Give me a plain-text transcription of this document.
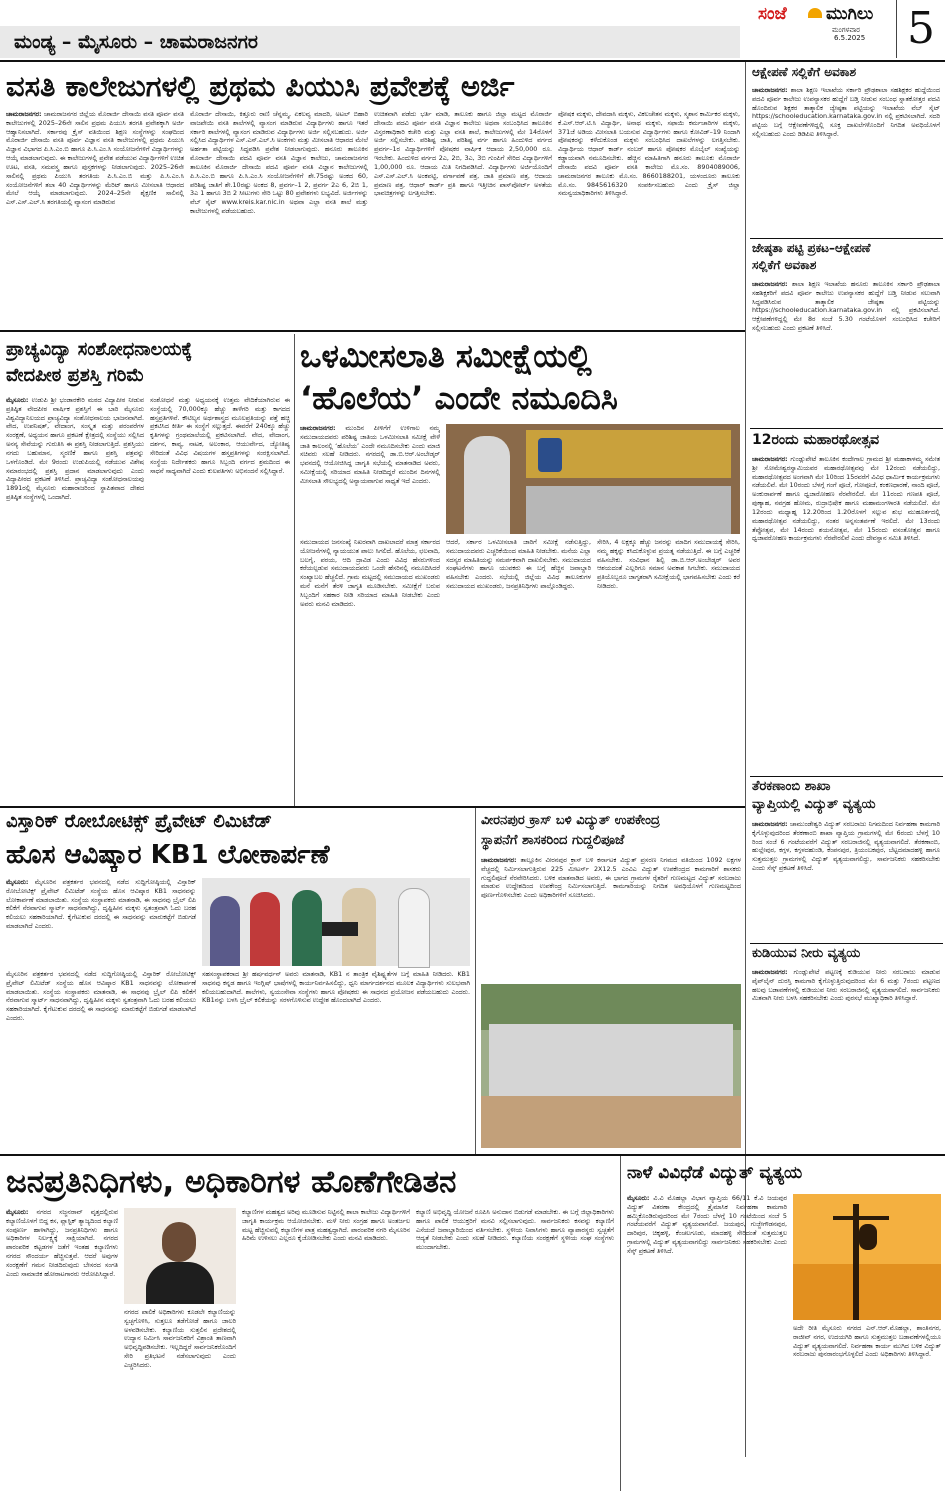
ಮಂಡ್ಯ – ಮೈಸೂರು – ಚಾಮರಾಜನಗರ
ಸಂಜೆ ಮುಗಿಲು
ಮಂಗಳವಾರ
6.5.2025 5
ವಸತಿ ಕಾಲೇಜುಗಳಲ್ಲಿ ಪ್ರಥಮ ಪಿಯುಸಿ ಪ್ರವೇಶಕ್ಕೆ ಅರ್ಜಿ
ಚಾಮರಾಜನಗರ: ಚಾಮರಾಜನಗರ ಜಿಲ್ಲೆಯ ಮೊರಾರ್ಜಿ ದೇಸಾಯಿ ವಸತಿ ಪೂರ್ವ ವಸತಿ ಕಾಲೇಜುಗಳಲ್ಲಿ 2025–26ನೇ ಸಾಲಿನ ಪ್ರಥಮ ಪಿಯುಸಿ ತರಗತಿ ಪ್ರವೇಶಕ್ಕಾಗಿ ಅರ್ಜಿ ಆಹ್ವಾನಿಸಲಾಗಿದೆ. ಸರ್ಕಾರವು ಕ್ರೈಸ್ ವತಿಯಿಂದ ಶಿಕ್ಷಣ ಸಂಸ್ಥೆಗಳನ್ನು ಸಂಘದಿಂದ ಮೊರಾರ್ಜಿ ದೇಸಾಯಿ ವಸತಿ ಪೂರ್ವ ವಿಜ್ಞಾನ ವಸತಿ ಕಾಲೇಜುಗಳಲ್ಲಿ ಪ್ರಥಮ ಪಿಯುಸಿ ವಿಜ್ಞಾನ ವಿಭಾಗದ ಪಿ.ಸಿ.ಎಂ.ಬಿ ಹಾಗೂ ಪಿ.ಸಿ.ಎಂ.ಸಿ ಸಂಯೋಜನೆಗಳಿಗೆ ವಿದ್ಯಾರ್ಥಿಗಳನ್ನು ಆಯ್ಕೆ ಮಾಡಲಾಗುವುದು. ಈ ಕಾಲೇಜುಗಳಲ್ಲಿ ಪ್ರವೇಶ ಪಡೆಯುವ ವಿದ್ಯಾರ್ಥಿಗಳಿಗೆ ಉಚಿತ ಊಟ, ವಸತಿ, ಸಮವಸ್ತ್ರ ಹಾಗೂ ಪುಸ್ತಕಗಳನ್ನು ನೀಡಲಾಗುವುದು. 2025–26ನೇ ಸಾಲಿನಲ್ಲಿ ಪ್ರಥಮ ಪಿಯುಸಿ ತರಗತಿಯ ಪಿ.ಸಿ.ಎಂ.ಬಿ ಮತ್ತು ಪಿ.ಸಿ.ಎಂ.ಸಿ ಸಂಯೋಜನೆಗಳಿಗೆ ತಲಾ 40 ವಿದ್ಯಾರ್ಥಿಗಳನ್ನು ಮೆರಿಟ್ ಹಾಗೂ ಮೀಸಲಾತಿ ಆಧಾರದ ಮೇಲೆ ಆಯ್ಕೆ ಮಾಡಲಾಗುವುದು. 2024–25ನೇ ಶೈಕ್ಷಣಿಕ ಸಾಲಿನಲ್ಲಿ ಎಸ್.ಎಸ್.ಎಲ್.ಸಿ ತರಗತಿಯಲ್ಲಿ ವ್ಯಾಸಂಗ ಮಾಡಿರುವ
ಮೊರಾರ್ಜಿ ದೇಸಾಯಿ, ಕಿತ್ತೂರು ರಾಣಿ ಚೆನ್ನಮ್ಮ, ಏಕಲವ್ಯ ಮಾದರಿ, ಅಟಲ್ ಬಿಹಾರಿ ವಾಜಪೇಯಿ ವಸತಿ ಶಾಲೆಗಳಲ್ಲಿ ವ್ಯಾಸಂಗ ಮಾಡಿರುವ ವಿದ್ಯಾರ್ಥಿಗಳು ಹಾಗೂ ಇತರೆ ಸರ್ಕಾರಿ ಶಾಲೆಗಳಲ್ಲಿ ವ್ಯಾಸಂಗ ಮಾಡಿರುವ ವಿದ್ಯಾರ್ಥಿಗಳು ಅರ್ಜಿ ಸಲ್ಲಿಸಬಹುದು. ಅರ್ಜಿ ಸಲ್ಲಿಸಿದ ವಿದ್ಯಾರ್ಥಿಗಳ ಎಸ್.ಎಸ್.ಎಲ್.ಸಿ ಅಂಕಗಳು ಮತ್ತು ಮೀಸಲಾತಿ ಆಧಾರದ ಮೇಲೆ ಅರ್ಹತಾ ಪಟ್ಟಿಯನ್ನು ಸಿದ್ಧಪಡಿಸಿ ಪ್ರವೇಶ ನೀಡಲಾಗುವುದು. ಹನೂರು ತಾಲೂಕಿನ ಮೊರಾರ್ಜಿ ದೇಸಾಯಿ ಪದವಿ ಪೂರ್ವ ವಸತಿ ವಿಜ್ಞಾನ ಕಾಲೇಜು, ಚಾಮರಾಜನಗರ ತಾಲೂಕಿನ ಮೊರಾರ್ಜಿ ದೇಸಾಯಿ ಪದವಿ ಪೂರ್ವ ವಸತಿ ವಿಜ್ಞಾನ ಕಾಲೇಜುಗಳಲ್ಲಿ ಪಿ.ಸಿ.ಎಂ.ಬಿ ಹಾಗೂ ಪಿ.ಸಿ.ಎಂ.ಸಿ ಸಂಯೋಜನೆಗಳಿಗೆ ಶೇ.75ರಷ್ಟು ಅಂಕದ 60, ಪರಿಶಿಷ್ಟ ಜಾತಿಗೆ ಶೇ.10ರಷ್ಟು ಅಂಕದ 8, ಪ್ರವರ್ಗ–1 2, ಪ್ರವರ್ಗ 2ಎ 6, 2ಬಿ 1, 3ಎ 1 ಹಾಗೂ 3ಬಿ 2 ಸೀಟುಗಳು ಸೇರಿ ಒಟ್ಟು 80 ಪ್ರವೇಶಗಳು ಲಭ್ಯವಿದೆ. ಅರ್ಜಿಗಳನ್ನು ವೆಬ್ ಸೈಟ್ www.kreis.kar.nic.in ಅಥವಾ ಎಲ್ಲಾ ವಸತಿ ಶಾಲೆ ಮತ್ತು ಕಾಲೇಜುಗಳಲ್ಲಿ ಪಡೆಯಬಹುದು.
ಉಚಿತವಾಗಿ ಪಡೆದು ಭರ್ತಿ ಮಾಡಿ, ತಾಲೂಕು ಹಾಗೂ ಜಿಲ್ಲಾ ಮಟ್ಟದ ಮೊರಾರ್ಜಿ ದೇಸಾಯಿ ಪದವಿ ಪೂರ್ವ ವಸತಿ ವಿಜ್ಞಾನ ಕಾಲೇಜು ಅಥವಾ ಸಂಬಂಧಿಸಿದ ತಾಲೂಕಿನ ವಿಸ್ತರಣಾಧಿಕಾರಿ ಕಚೇರಿ ಮತ್ತು ಎಲ್ಲಾ ವಸತಿ ಶಾಲೆ, ಕಾಲೇಜುಗಳಲ್ಲಿ ಮೇ 14ರೊಳಗೆ ಅರ್ಜಿ ಸಲ್ಲಿಸಬೇಕು. ಪರಿಶಿಷ್ಟ ಜಾತಿ, ಪರಿಶಿಷ್ಟ ವರ್ಗ ಹಾಗೂ ಹಿಂದುಳಿದ ವರ್ಗದ ಪ್ರವರ್ಗ–1ರ ವಿದ್ಯಾರ್ಥಿಗಳಿಗೆ ಪೋಷಕರ ವಾರ್ಷಿಕ ಆದಾಯ 2,50,000 ರೂ. ಇರಬೇಕು. ಹಿಂದುಳಿದ ವರ್ಗದ 2ಎ, 2ಬಿ, 3ಎ, 3ಬಿ ಗುಂಪಿಗೆ ಸೇರಿದ ವಿದ್ಯಾರ್ಥಿಗಳಿಗೆ 1,00,000 ರೂ. ಆದಾಯ ಮಿತಿ ನಿಗದಿಪಡಿಸಿದೆ. ವಿದ್ಯಾರ್ಥಿಗಳು ಅರ್ಜಿಯೊಂದಿಗೆ ಎಸ್.ಎಸ್.ಎಲ್.ಸಿ ಅಂಕಪಟ್ಟಿ, ವರ್ಗಾವಣೆ ಪತ್ರ, ಜಾತಿ ಪ್ರಮಾಣ ಪತ್ರ, ಆದಾಯ ಪ್ರಮಾಣ ಪತ್ರ, ಆಧಾರ್ ಕಾರ್ಡ್ ಪ್ರತಿ ಹಾಗೂ ಇತ್ತೀಚಿನ ಪಾಸ್‌ಪೋರ್ಟ್ ಅಳತೆಯ ಭಾವಚಿತ್ರಗಳನ್ನು ಲಗತ್ತಿಸಬೇಕು.
ಪೋಷಕ ಮಕ್ಕಳು, ದೇವದಾಸಿ ಮಕ್ಕಳು, ವಿಕಲಚೇತನ ಮಕ್ಕಳು, ಸ್ಮಶಾನ ಕಾರ್ಮಿಕರ ಮಕ್ಕಳು, ಕೆ.ಎಸ್.ಆರ್.ಟಿ.ಸಿ ವಿದ್ಯಾರ್ಥಿ, ಅನಾಥ ಮಕ್ಕಳು, ಸಫಾಯಿ ಕರ್ಮಚಾರಿಗಳ ಮಕ್ಕಳು, 371ಜೆ ಅಡಿಯ ಮೀಸಲಾತಿ ಬಯಸುವ ವಿದ್ಯಾರ್ಥಿಗಳು ಹಾಗೂ ಕೋವಿಡ್–19 ನಿಂದಾಗಿ ಪೋಷಕರನ್ನು ಕಳೆದುಕೊಂಡ ಮಕ್ಕಳು ಸಂಬಂಧಿಸಿದ ದಾಖಲೆಗಳನ್ನು ಲಗತ್ತಿಸಬೇಕು. ವಿದ್ಯಾರ್ಥಿಯ ಆಧಾರ್ ಕಾರ್ಡ್ ನಂಬರ್ ಹಾಗೂ ಪೋಷಕರ ಮೊಬೈಲ್ ಸಂಖ್ಯೆಯನ್ನು ಕಡ್ಡಾಯವಾಗಿ ನಮೂದಿಸಬೇಕು. ಹೆಚ್ಚಿನ ಮಾಹಿತಿಗಾಗಿ ಹನೂರು ತಾಲೂಕು ಮೊರಾರ್ಜಿ ದೇಸಾಯಿ ಪದವಿ ಪೂರ್ವ ವಸತಿ ಕಾಲೇಜು ಮೊ.ಸಂ. 8904089006, ಚಾಮರಾಜನಗರ ತಾಲೂಕು ಮೊ.ಸಂ. 8660188201, ಯಳಂದೂರು ತಾಲೂಕು ಮೊ.ಸಂ. 9845616320 ಸಂಪರ್ಕಿಸಬಹುದು ಎಂದು ಕ್ರೈಸ್ ಜಿಲ್ಲಾ ಸಮನ್ವಯಾಧಿಕಾರಿಗಳು ತಿಳಿಸಿದ್ದಾರೆ.
ಆಕ್ಷೇಪಣೆ ಸಲ್ಲಿಕೆಗೆ ಅವಕಾಶ
ಚಾಮರಾಜನಗರ: ಶಾಲಾ ಶಿಕ್ಷಣ ಇಲಾಖೆಯ ಸರ್ಕಾರಿ ಪ್ರೌಢಶಾಲಾ ಸಹಶಿಕ್ಷಕರ ಹುದ್ದೆಯಿಂದ ಪದವಿ ಪೂರ್ವ ಕಾಲೇಜು ಉಪನ್ಯಾಸಕರ ಹುದ್ದೆಗೆ ಬಡ್ತಿ ನೀಡುವ ಸಂಬಂಧ ಸ್ನಾತಕೋತ್ತರ ಪದವಿ ಹೊಂದಿರುವ ಶಿಕ್ಷಕರ ತಾತ್ಕಾಲಿಕ ಜ್ಯೇಷ್ಠತಾ ಪಟ್ಟಿಯನ್ನು ಇಲಾಖೆಯ ವೆಬ್ ಸೈಟ್ https://schooleducation.karnataka.gov.in ನಲ್ಲಿ ಪ್ರಕಟಿಸಲಾಗಿದೆ. ಸದರಿ ಪಟ್ಟಿಯ ಬಗ್ಗೆ ಆಕ್ಷೇಪಣೆಗಳಿದ್ದಲ್ಲಿ ಸೂಕ್ತ ದಾಖಲೆಗಳೊಂದಿಗೆ ನಿಗದಿತ ಅವಧಿಯೊಳಗೆ ಸಲ್ಲಿಸಬಹುದು ಎಂದು ಡಿಡಿಪಿಐ ತಿಳಿಸಿದ್ದಾರೆ.
ಜೇಷ್ಠತಾ ಪಟ್ಟಿ ಪ್ರಕಟ–ಆಕ್ಷೇಪಣೆ
ಸಲ್ಲಿಕೆಗೆ ಅವಕಾಶ
ಚಾಮರಾಜನಗರ: ಶಾಲಾ ಶಿಕ್ಷಣ ಇಲಾಖೆಯ ಹನೂರು ತಾಲೂಕಿನ ಸರ್ಕಾರಿ ಪ್ರೌಢಶಾಲಾ ಸಹಶಿಕ್ಷಕರಿಗೆ ಪದವಿ ಪೂರ್ವ ಕಾಲೇಜು ಉಪನ್ಯಾಸಕರ ಹುದ್ದೆಗೆ ಬಡ್ತಿ ನೀಡುವ ಸಲುವಾಗಿ ಸಿದ್ಧಪಡಿಸಿರುವ ತಾತ್ಕಾಲಿಕ ಜೇಷ್ಠತಾ ಪಟ್ಟಿಯನ್ನು https://schooleducation.karnataka.gov.in ನಲ್ಲಿ ಪ್ರಕಟಿಸಲಾಗಿದೆ. ಆಕ್ಷೇಪಣೆಗಳಿದ್ದಲ್ಲಿ ಮೇ 8ರ ಸಂಜೆ 5.30 ಗಂಟೆಯೊಳಗೆ ಸಂಬಂಧಿಸಿದ ಕಚೇರಿಗೆ ಸಲ್ಲಿಸಬಹುದು ಎಂದು ಪ್ರಕಟಣೆ ತಿಳಿಸಿದೆ.
12ರಂದು ಮಹಾರಥೋತ್ಸವ
ಚಾಮರಾಜನಗರ: ಗುಂಡ್ಲುಪೇಟೆ ತಾಲೂಕಿನ ಕಂದೇಗಾಲ ಗ್ರಾಮದ ಶ್ರೀ ಮಹಾಕಾಳಮ್ಮ ಸಮೇತ ಶ್ರೀ ಸೋಮೇಶ್ವರಸ್ವಾಮಿಯವರ ಮಹಾರಥೋತ್ಸವವು ಮೇ 12ರಂದು ನಡೆಯಲಿದ್ದು, ಮಹಾರಥೋತ್ಸವದ ಅಂಗವಾಗಿ ಮೇ 10ರಿಂದ 15ರವರೆಗೆ ವಿವಿಧ ಧಾರ್ಮಿಕ ಕಾರ್ಯಕ್ರಮಗಳು ನಡೆಯಲಿವೆ. ಮೇ 10ರಂದು ಬೆಳಗ್ಗೆ ಗಂಗೆ ಪೂಜೆ, ಗೋಪೂಜೆ, ಕಂಕಣಧಾರಣೆ, ನಾಂದಿ ಪೂಜೆ, ಅಂಕುರಾರ್ಪಣೆ ಹಾಗೂ ಧ್ವಜಾರೋಹಣ ನೆರವೇರಲಿದೆ. ಮೇ 11ರಂದು ಗಣಪತಿ ಪೂಜೆ, ಪುಣ್ಯಾಹ, ನವಗ್ರಹ ಹೋಮ, ರುದ್ರಾಭಿಷೇಕ ಹಾಗೂ ಮಹಾಮಂಗಳಾರತಿ ನಡೆಯಲಿದೆ. ಮೇ 12ರಂದು ಮಧ್ಯಾಹ್ನ 12.20ರಿಂದ 1.20ರೊಳಗೆ ಸಲ್ಲುವ ಶುಭ ಮುಹೂರ್ತದಲ್ಲಿ ಮಹಾರಥೋತ್ಸವ ನಡೆಯಲಿದ್ದು, ನಂತರ ಅನ್ನಸಂತರ್ಪಣೆ ಇರಲಿದೆ. ಮೇ 13ರಂದು ತೆಪ್ಪೋತ್ಸವ, ಮೇ 14ರಂದು ಶಯನೋತ್ಸವ, ಮೇ 15ರಂದು ವಸಂತೋತ್ಸವ ಹಾಗೂ ಧ್ವಜಾವರೋಹಣ ಕಾರ್ಯಕ್ರಮಗಳು ನೆರವೇರಲಿವೆ ಎಂದು ದೇವಸ್ಥಾನ ಸಮಿತಿ ತಿಳಿಸಿದೆ.
ತೆರಕಣಾಂಬಿ ಶಾಖಾ
ವ್ಯಾಪ್ತಿಯಲ್ಲಿ ವಿದ್ಯುತ್ ವ್ಯತ್ಯಯ
ಚಾಮರಾಜನಗರ: ಚಾಮುಂಡೇಶ್ವರಿ ವಿದ್ಯುತ್ ಸರಬರಾಜು ನಿಗಮದಿಂದ ನಿರ್ವಹಣಾ ಕಾಮಗಾರಿ ಕೈಗೊಳ್ಳುವುದರಿಂದ ತೆರಕಣಾಂಬಿ ಶಾಖಾ ವ್ಯಾಪ್ತಿಯ ಗ್ರಾಮಗಳಲ್ಲಿ ಮೇ 6ರಂದು ಬೆಳಗ್ಗೆ 10 ರಿಂದ ಸಂಜೆ 6 ಗಂಟೆಯವರೆಗೆ ವಿದ್ಯುತ್ ಸರಬರಾಜಿನಲ್ಲಿ ವ್ಯತ್ಯಯವಾಗಲಿದೆ. ತೆರಕಣಾಂಬಿ, ಹುಲ್ಲೇಪುರ, ಕಗ್ಗಳ, ಕಗ್ಗಳದಹುಂಡಿ, ಕೆಂಪನಪುರ, ತ್ರಿಯಂಬಕಪುರ, ಬೆಟ್ಟದಮಾದಹಳ್ಳಿ ಹಾಗೂ ಸುತ್ತಮುತ್ತಲ ಗ್ರಾಮಗಳಲ್ಲಿ ವಿದ್ಯುತ್ ವ್ಯತ್ಯಯವಾಗಲಿದ್ದು, ಸಾರ್ವಜನಿಕರು ಸಹಕರಿಸಬೇಕು ಎಂದು ಸೆಸ್ಕ್ ಪ್ರಕಟಣೆ ತಿಳಿಸಿದೆ.
ಕುಡಿಯುವ ನೀರು ವ್ಯತ್ಯಯ
ಚಾಮರಾಜನಗರ: ಗುಂಡ್ಲುಪೇಟೆ ಪಟ್ಟಣಕ್ಕೆ ಕುಡಿಯುವ ನೀರು ಸರಬರಾಜು ಮಾಡುವ ಪೈಪ್‌ಲೈನ್ ದುರಸ್ತಿ ಕಾಮಗಾರಿ ಕೈಗೊಳ್ಳುತ್ತಿರುವುದರಿಂದ ಮೇ 6 ಮತ್ತು 7ರಂದು ಪಟ್ಟಣದ ಹಲವು ಬಡಾವಣೆಗಳಲ್ಲಿ ಕುಡಿಯುವ ನೀರು ಸರಬರಾಜಿನಲ್ಲಿ ವ್ಯತ್ಯಯವಾಗಲಿದೆ. ಸಾರ್ವಜನಿಕರು ಮಿತವಾಗಿ ನೀರು ಬಳಸಿ ಸಹಕರಿಸಬೇಕು ಎಂದು ಪುರಸಭೆ ಮುಖ್ಯಾಧಿಕಾರಿ ತಿಳಿಸಿದ್ದಾರೆ.
ಪ್ರಾಚ್ಯವಿದ್ಯಾ ಸಂಶೋಧನಾಲಯಕ್ಕೆ
ವೇದಪೀಠ ಪ್ರಶಸ್ತಿ ಗರಿಮೆ
ಮೈಸೂರು: ಉಡುಪಿ ಶ್ರೀ ಭಂಡಾರಕೇರಿ ಮಠದ ವಿದ್ಯಾಪೀಠ ನೀಡುವ ಪ್ರತಿಷ್ಠಿತ ವೇದಪೀಠ ವಾರ್ಷಿಕ ಪ್ರಶಸ್ತಿಗೆ ಈ ಬಾರಿ ಮೈಸೂರು ವಿಶ್ವವಿದ್ಯಾನಿಲಯದ ಪ್ರಾಚ್ಯವಿದ್ಯಾ ಸಂಶೋಧನಾಲಯ ಭಾಜನವಾಗಿದೆ. ವೇದ, ಉಪನಿಷತ್, ವೇದಾಂಗ, ಸಂಸ್ಕೃತ ಮತ್ತು ಪರಂಪರೆಗಳ ಸಂರಕ್ಷಣೆ, ಅಧ್ಯಯನ ಹಾಗೂ ಪ್ರಕಟಣೆ ಕ್ಷೇತ್ರದಲ್ಲಿ ಸಂಸ್ಥೆಯು ಸಲ್ಲಿಸಿದ ಅನನ್ಯ ಸೇವೆಯನ್ನು ಗುರುತಿಸಿ ಈ ಪ್ರಶಸ್ತಿ ನೀಡಲಾಗುತ್ತಿದೆ. ಪ್ರಶಸ್ತಿಯು ನಗದು ಬಹುಮಾನ, ಸ್ಮರಣಿಕೆ ಹಾಗೂ ಪ್ರಶಸ್ತಿ ಪತ್ರವನ್ನು ಒಳಗೊಂಡಿದೆ. ಮೇ 9ರಂದು ಉಡುಪಿಯಲ್ಲಿ ನಡೆಯುವ ವಿಶೇಷ ಸಮಾರಂಭದಲ್ಲಿ ಪ್ರಶಸ್ತಿ ಪ್ರದಾನ ಮಾಡಲಾಗುವುದು ಎಂದು ವಿದ್ಯಾಪೀಠದ ಪ್ರಕಟಣೆ ತಿಳಿಸಿದೆ. ಪ್ರಾಚ್ಯವಿದ್ಯಾ ಸಂಶೋಧನಾಲಯವು 1891ರಲ್ಲಿ ಮೈಸೂರು ಮಹಾರಾಜರಿಂದ ಸ್ಥಾಪಿತವಾದ ದೇಶದ ಪ್ರತಿಷ್ಠಿತ ಸಂಸ್ಥೆಗಳಲ್ಲಿ ಒಂದಾಗಿದೆ.
ಸಂಶೋಧನೆ ಮತ್ತು ಅಧ್ಯಯನಕ್ಕೆ ಉತ್ತಮ ವೇದಿಕೆಯಾಗಿರುವ ಈ ಸಂಸ್ಥೆಯಲ್ಲಿ 70,000ಕ್ಕೂ ಹೆಚ್ಚು ತಾಳೆಗರಿ ಮತ್ತು ಕಾಗದದ ಹಸ್ತಪ್ರತಿಗಳಿವೆ. ಕೌಟಿಲ್ಯನ ಅರ್ಥಶಾಸ್ತ್ರದ ಮೂಲಪ್ರತಿಯನ್ನು ಪತ್ತೆ ಹಚ್ಚಿ ಪ್ರಕಟಿಸಿದ ಕೀರ್ತಿ ಈ ಸಂಸ್ಥೆಗೆ ಸಲ್ಲುತ್ತದೆ. ಈವರೆಗೆ 240ಕ್ಕೂ ಹೆಚ್ಚು ಕೃತಿಗಳನ್ನು ಗ್ರಂಥಮಾಲೆಯಲ್ಲಿ ಪ್ರಕಟಿಸಲಾಗಿದೆ. ವೇದ, ವೇದಾಂಗ, ದರ್ಶನ, ಕಾವ್ಯ, ನಾಟಕ, ಅಲಂಕಾರ, ಆಯುರ್ವೇದ, ಜ್ಯೋತಿಷ್ಯ ಸೇರಿದಂತೆ ವಿವಿಧ ವಿಷಯಗಳ ಹಸ್ತಪ್ರತಿಗಳನ್ನು ಸಂರಕ್ಷಿಸಲಾಗಿದೆ. ಸಂಸ್ಥೆಯ ನಿರ್ದೇಶಕರು ಹಾಗೂ ಸಿಬ್ಬಂದಿ ವರ್ಗದ ಶ್ರಮದಿಂದ ಈ ಸಾಧನೆ ಸಾಧ್ಯವಾಗಿದೆ ಎಂದು ಕುಲಪತಿಗಳು ಅಭಿನಂದನೆ ಸಲ್ಲಿಸಿದ್ದಾರೆ.
ಒಳಮೀಸಲಾತಿ ಸಮೀಕ್ಷೆಯಲ್ಲಿ
‘ಹೊಲೆಯ’ ಎಂದೇ ನಮೂದಿಸಿ
ಚಾಮರಾಜನಗರ: ಮುಂದಿನ ಪೀಳಿಗೆಗೆ ಉಳಿಗಾಲ ನಮ್ಮ ಸಮುದಾಯದವರು ಪರಿಶಿಷ್ಟ ಜಾತಿಯ ಒಳಮೀಸಲಾತಿ ಸಮೀಕ್ಷೆ ವೇಳೆ ಜಾತಿ ಕಾಲಂನಲ್ಲಿ ‘ಹೊಲೆಯ’ ಎಂದೇ ನಮೂದಿಸಬೇಕು ಎಂದು ಮಾಜಿ ಸಚಿವರು ಸಲಹೆ ನೀಡಿದರು. ನಗರದಲ್ಲಿ ಡಾ.ಬಿ.ಆರ್.ಅಂಬೇಡ್ಕರ್ ಭವನದಲ್ಲಿ ಆಯೋಜಿಸಿದ್ದ ಜಾಗೃತಿ ಸಭೆಯಲ್ಲಿ ಮಾತನಾಡಿದ ಅವರು, ಸಮೀಕ್ಷೆಯಲ್ಲಿ ಸರಿಯಾದ ಮಾಹಿತಿ ನೀಡದಿದ್ದರೆ ಮುಂದಿನ ದಿನಗಳಲ್ಲಿ ಮೀಸಲಾತಿ ಸೌಲಭ್ಯದಲ್ಲಿ ಅನ್ಯಾಯವಾಗುವ ಸಾಧ್ಯತೆ ಇದೆ ಎಂದರು.
ಸಮುದಾಯದ ಜನಸಂಖ್ಯೆ ನಿಖರವಾಗಿ ದಾಖಲಾದರೆ ಮಾತ್ರ ಸರ್ಕಾರದ ಯೋಜನೆಗಳಲ್ಲಿ ನ್ಯಾಯಯುತ ಪಾಲು ಸಿಗಲಿದೆ. ಹೊಲೆಯ, ಛಲವಾದಿ, ಬಲಗೈ, ಪರಯ, ಆದಿ ದ್ರಾವಿಡ ಎಂದು ವಿವಿಧ ಹೆಸರುಗಳಿಂದ ಕರೆಯಲ್ಪಡುವ ಸಮುದಾಯದವರು ಒಂದೇ ಹೆಸರಿನಲ್ಲಿ ನಮೂದಿಸಿದರೆ ಸಂಖ್ಯಾಬಲ ಹೆಚ್ಚಲಿದೆ. ಗ್ರಾಮ ಮಟ್ಟದಲ್ಲಿ ಸಮುದಾಯದ ಮುಖಂಡರು ಮನೆ ಮನೆಗೆ ತೆರಳಿ ಜಾಗೃತಿ ಮೂಡಿಸಬೇಕು. ಸಮೀಕ್ಷೆಗೆ ಬರುವ ಸಿಬ್ಬಂದಿಗೆ ಸಹಕಾರ ನೀಡಿ ಸರಿಯಾದ ಮಾಹಿತಿ ನೀಡಬೇಕು ಎಂದು ಅವರು ಮನವಿ ಮಾಡಿದರು.
ಆದರೆ, ಸರ್ಕಾರ ಒಳಮೀಸಲಾತಿ ಜಾರಿಗೆ ಸಮೀಕ್ಷೆ ನಡೆಸುತ್ತಿದ್ದು, ಸಮುದಾಯದವರು ಎಚ್ಚರಿಕೆಯಿಂದ ಮಾಹಿತಿ ನೀಡಬೇಕು. ಮನೆಯ ಎಲ್ಲಾ ಸದಸ್ಯರ ಮಾಹಿತಿಯನ್ನು ಸಮರ್ಪಕವಾಗಿ ದಾಖಲಿಸಬೇಕು. ಸಮುದಾಯದ ಸಂಘಟನೆಗಳು ಹಾಗೂ ಯುವಕರು ಈ ಬಗ್ಗೆ ಹೆಚ್ಚಿನ ಜವಾಬ್ದಾರಿ ವಹಿಸಬೇಕು ಎಂದರು. ಸಭೆಯಲ್ಲಿ ಜಿಲ್ಲೆಯ ವಿವಿಧ ತಾಲೂಕುಗಳ ಸಮುದಾಯದ ಮುಖಂಡರು, ಜನಪ್ರತಿನಿಧಿಗಳು ಪಾಲ್ಗೊಂಡಿದ್ದರು.
ಸೇರಿಸಿ, 4 ಲಕ್ಷಕ್ಕೂ ಹೆಚ್ಚು ಜನರನ್ನು ಮಾದಿಗ ಸಮುದಾಯಕ್ಕೆ ಸೇರಿಸಿ, ನಮ್ಮ ಹಕ್ಕನ್ನು ಕಸಿದುಕೊಳ್ಳುವ ಪ್ರಯತ್ನ ನಡೆಯುತ್ತಿದೆ. ಈ ಬಗ್ಗೆ ಎಚ್ಚರಿಕೆ ವಹಿಸಬೇಕು. ಸಂವಿಧಾನ ಶಿಲ್ಪಿ ಡಾ.ಬಿ.ಆರ್.ಅಂಬೇಡ್ಕರ್ ಅವರ ಆಶಯದಂತೆ ಎಲ್ಲರಿಗೂ ಸಮಾನ ಅವಕಾಶ ಸಿಗಬೇಕು. ಸಮುದಾಯದ ಪ್ರತಿಯೊಬ್ಬರೂ ಜಾಗೃತರಾಗಿ ಸಮೀಕ್ಷೆಯಲ್ಲಿ ಭಾಗವಹಿಸಬೇಕು ಎಂದು ಕರೆ ನೀಡಿದರು.
ವಿಸ್ತಾರಿಕ್ ರೋಬೋಟಿಕ್ಸ್ ಪ್ರೈವೇಟ್ ಲಿಮಿಟೆಡ್
ಹೊಸ ಆವಿಷ್ಕಾರ KB1 ಲೋಕಾರ್ಪಣೆ
ಮೈಸೂರು: ಮೈಸೂರಿನ ಪತ್ರಕರ್ತರ ಭವನದಲ್ಲಿ ನಡೆದ ಸುದ್ದಿಗೋಷ್ಠಿಯಲ್ಲಿ ವಿಸ್ತಾರಿಕ್ ರೋಬೋಟಿಕ್ಸ್ ಪ್ರೈವೇಟ್ ಲಿಮಿಟೆಡ್ ಸಂಸ್ಥೆಯ ಹೊಸ ಆವಿಷ್ಕಾರ KB1 ಸಾಧನವನ್ನು ಲೋಕಾರ್ಪಣೆ ಮಾಡಲಾಯಿತು. ಸಂಸ್ಥೆಯ ಸಂಸ್ಥಾಪಕರು ಮಾತನಾಡಿ, ಈ ಸಾಧನವು ಬ್ರೈಲ್ ಲಿಪಿ ಕಲಿಕೆಗೆ ನೆರವಾಗುವ ಸ್ಮಾರ್ಟ್ ಸಾಧನವಾಗಿದ್ದು, ದೃಷ್ಟಿಹೀನ ಮಕ್ಕಳು ಸ್ವತಂತ್ರವಾಗಿ ಓದು ಬರಹ ಕಲಿಯಲು ಸಹಕಾರಿಯಾಗಿದೆ. ಕೈಗೆಟುಕುವ ದರದಲ್ಲಿ ಈ ಸಾಧನವನ್ನು ಮಾರುಕಟ್ಟೆಗೆ ಬಿಡುಗಡೆ ಮಾಡಲಾಗಿದೆ ಎಂದರು.
ಮೈಸೂರಿನ ಪತ್ರಕರ್ತರ ಭವನದಲ್ಲಿ ನಡೆದ ಸುದ್ದಿಗೋಷ್ಠಿಯಲ್ಲಿ ವಿಸ್ತಾರಿಕ್ ರೋಬೋಟಿಕ್ಸ್ ಪ್ರೈವೇಟ್ ಲಿಮಿಟೆಡ್ ಸಂಸ್ಥೆಯ ಹೊಸ ಆವಿಷ್ಕಾರ KB1 ಸಾಧನವನ್ನು ಲೋಕಾರ್ಪಣೆ ಮಾಡಲಾಯಿತು. ಸಂಸ್ಥೆಯ ಸಂಸ್ಥಾಪಕರು ಮಾತನಾಡಿ, ಈ ಸಾಧನವು ಬ್ರೈಲ್ ಲಿಪಿ ಕಲಿಕೆಗೆ ನೆರವಾಗುವ ಸ್ಮಾರ್ಟ್ ಸಾಧನವಾಗಿದ್ದು, ದೃಷ್ಟಿಹೀನ ಮಕ್ಕಳು ಸ್ವತಂತ್ರವಾಗಿ ಓದು ಬರಹ ಕಲಿಯಲು ಸಹಕಾರಿಯಾಗಿದೆ. ಕೈಗೆಟುಕುವ ದರದಲ್ಲಿ ಈ ಸಾಧನವನ್ನು ಮಾರುಕಟ್ಟೆಗೆ ಬಿಡುಗಡೆ ಮಾಡಲಾಗಿದೆ ಎಂದರು.
ಸಹಸಂಸ್ಥಾಪಕರಾದ ಶ್ರೀ ಹರ್ಷವರ್ಧನ್ ಅವರು ಮಾತನಾಡಿ, KB1 ನ ತಾಂತ್ರಿಕ ವೈಶಿಷ್ಟ್ಯತೆಗಳ ಬಗ್ಗೆ ಮಾಹಿತಿ ನೀಡಿದರು. KB1 ಸಾಧನವು ಕನ್ನಡ ಹಾಗೂ ಇಂಗ್ಲಿಷ್ ಭಾಷೆಗಳಲ್ಲಿ ಕಾರ್ಯನಿರ್ವಹಿಸಲಿದ್ದು, ಧ್ವನಿ ಮಾರ್ಗದರ್ಶನದ ಮೂಲಕ ವಿದ್ಯಾರ್ಥಿಗಳು ಸುಲಭವಾಗಿ ಕಲಿಯಬಹುದಾಗಿದೆ. ಶಾಲೆಗಳು, ಸ್ವಯಂಸೇವಾ ಸಂಸ್ಥೆಗಳು ಹಾಗೂ ಪೋಷಕರು ಈ ಸಾಧನದ ಪ್ರಯೋಜನ ಪಡೆಯಬಹುದು ಎಂದರು. KB1ನನ್ನು ಬಳಸಿ ಬ್ರೈಲ್ ಕಲಿಕೆಯನ್ನು ಸರಳಗೊಳಿಸುವ ಉದ್ದೇಶ ಹೊಂದಲಾಗಿದೆ ಎಂದರು.
ವೀರನಪುರ ಕ್ರಾಸ್ ಬಳಿ ವಿದ್ಯುತ್ ಉಪಕೇಂದ್ರ
ಸ್ಥಾಪನೆಗೆ ಶಾಸಕರಿಂದ ಗುದ್ದಲಿಪೂಜೆ
ಚಾಮರಾಜನಗರ: ತಾಲ್ಲೂಕಿನ ವೀರನಪುರ ಕ್ರಾಸ್ ಬಳಿ ಕರ್ನಾಟಕ ವಿದ್ಯುತ್ ಪ್ರಸರಣ ನಿಗಮದ ವತಿಯಿಂದ 1092 ಲಕ್ಷಗಳ ವೆಚ್ಚದಲ್ಲಿ ನಿರ್ಮಿಸಲಾಗುತ್ತಿರುವ 225 ಮೀಟರ್ಸ್ 2X12.5 ಎಂವಿಎ ವಿದ್ಯುತ್ ಉಪಕೇಂದ್ರದ ಕಾಮಗಾರಿಗೆ ಶಾಸಕರು ಗುದ್ದಲಿಪೂಜೆ ನೆರವೇರಿಸಿದರು. ಬಳಿಕ ಮಾತನಾಡಿದ ಅವರು, ಈ ಭಾಗದ ಗ್ರಾಮಗಳ ರೈತರಿಗೆ ಗುಣಮಟ್ಟದ ವಿದ್ಯುತ್ ಸರಬರಾಜು ಮಾಡುವ ಉದ್ದೇಶದಿಂದ ಉಪಕೇಂದ್ರ ನಿರ್ಮಿಸಲಾಗುತ್ತಿದೆ. ಕಾಮಗಾರಿಯನ್ನು ನಿಗದಿತ ಅವಧಿಯೊಳಗೆ ಗುಣಮಟ್ಟದಿಂದ ಪೂರ್ಣಗೊಳಿಸಬೇಕು ಎಂದು ಅಧಿಕಾರಿಗಳಿಗೆ ಸೂಚಿಸಿದರು.
ಜನಪ್ರತಿನಿಧಿಗಳು, ಅಧಿಕಾರಿಗಳ ಹೊಣೆಗೇಡಿತನ
ಮೈಸೂರು: ನಗರದ ಸಜ್ಜನರಾವ್ ವೃತ್ತದಲ್ಲಿರುವ ಕಲ್ಯಾಣಿಯೊಳಗೆ ಬಿದ್ದ ಕಸ, ಪ್ಲಾಸ್ಟಿಕ್ ತ್ಯಾಜ್ಯದಿಂದ ಕಲ್ಯಾಣಿ ಸಂಪೂರ್ಣ ಹಾಳಾಗಿದ್ದು, ಜನಪ್ರತಿನಿಧಿಗಳು ಹಾಗೂ ಅಧಿಕಾರಿಗಳ ನಿರ್ಲಕ್ಷ್ಯಕ್ಕೆ ಸಾಕ್ಷಿಯಾಗಿದೆ. ನಗರದ ಪಾರಂಪರಿಕ ಕಟ್ಟಡಗಳ ಜತೆಗೆ ಇಂತಹ ಕಲ್ಯಾಣಿಗಳು ನಗರದ ಸೌಂದರ್ಯ ಹೆಚ್ಚಿಸುತ್ತವೆ. ಆದರೆ ಅವುಗಳ ಸಂರಕ್ಷಣೆಗೆ ಗಮನ ನೀಡದಿರುವುದು ಬೇಸರದ ಸಂಗತಿ ಎಂದು ಸಾಮಾಜಿಕ ಹೋರಾಟಗಾರರು ಆರೋಪಿಸಿದ್ದಾರೆ.
ನಗರದ ಪಾಲಿಕೆ ಅಧಿಕಾರಿಗಳು ಕೂಡಲೇ ಕಲ್ಯಾಣಿಯನ್ನು ಸ್ವಚ್ಛಗೊಳಿಸಿ, ಸುತ್ತಲೂ ತಡೆಗೋಡೆ ಹಾಗೂ ಜಾಲರಿ ಅಳವಡಿಸಬೇಕು. ಕಲ್ಯಾಣಿಯ ಸುತ್ತಲಿನ ಪ್ರದೇಶದಲ್ಲಿ ಉದ್ಯಾನ ನಿರ್ಮಿಸಿ ಸಾರ್ವಜನಿಕರಿಗೆ ವಿಶ್ರಾಂತಿ ತಾಣವಾಗಿ ಅಭಿವೃದ್ಧಿಪಡಿಸಬೇಕು. ಇಲ್ಲದಿದ್ದರೆ ಸಾರ್ವಜನಿಕರೊಂದಿಗೆ ಸೇರಿ ಪ್ರತಿಭಟನೆ ನಡೆಸಲಾಗುವುದು ಎಂದು ಎಚ್ಚರಿಸಿದರು.
ಕಲ್ಯಾಣಿಗಳ ಮಹತ್ವದ ಅರಿವು ಮೂಡಿಸುವ ನಿಟ್ಟಿನಲ್ಲಿ ಶಾಲಾ ಕಾಲೇಜು ವಿದ್ಯಾರ್ಥಿಗಳಿಗೆ ಜಾಗೃತಿ ಕಾರ್ಯಕ್ರಮ ಆಯೋಜಿಸಬೇಕು. ಮಳೆ ನೀರು ಸಂಗ್ರಹ ಹಾಗೂ ಅಂತರ್ಜಲ ಮಟ್ಟ ಹೆಚ್ಚಿಸುವಲ್ಲಿ ಕಲ್ಯಾಣಿಗಳ ಪಾತ್ರ ಮಹತ್ವದ್ದಾಗಿದೆ. ಪಾರಂಪರಿಕ ನಗರಿ ಮೈಸೂರಿನ ಹಿರಿಮೆ ಉಳಿಸಲು ಎಲ್ಲರೂ ಕೈಜೋಡಿಸಬೇಕು ಎಂದು ಮನವಿ ಮಾಡಿದರು.
ಕಲ್ಯಾಣಿ ಅಭಿವೃದ್ಧಿ ಯೋಜನೆ ರೂಪಿಸಿ ಅನುದಾನ ಬಿಡುಗಡೆ ಮಾಡಬೇಕು. ಈ ಬಗ್ಗೆ ಜಿಲ್ಲಾಧಿಕಾರಿಗಳು ಹಾಗೂ ಪಾಲಿಕೆ ಆಯುಕ್ತರಿಗೆ ಮನವಿ ಸಲ್ಲಿಸಲಾಗುವುದು. ಸಾರ್ವಜನಿಕರು ಕಸವನ್ನು ಕಲ್ಯಾಣಿಗೆ ಎಸೆಯದೆ ಜವಾಬ್ದಾರಿಯಿಂದ ವರ್ತಿಸಬೇಕು. ಸ್ಥಳೀಯ ನಿವಾಸಿಗಳು ಹಾಗೂ ವ್ಯಾಪಾರಸ್ಥರು ಸ್ವಚ್ಛತೆಗೆ ಆದ್ಯತೆ ನೀಡಬೇಕು ಎಂದು ಸಲಹೆ ನೀಡಿದರು. ಕಲ್ಯಾಣಿಯ ಸಂರಕ್ಷಣೆಗೆ ಸ್ಥಳೀಯ ಸಂಘ ಸಂಸ್ಥೆಗಳು ಮುಂದಾಗಬೇಕು.
ನಾಳೆ ವಿವಿಧೆಡೆ ವಿದ್ಯುತ್ ವ್ಯತ್ಯಯ
ಮೈಸೂರು: ವಿ.ವಿ ಮೊಹಲ್ಲಾ ವಿಭಾಗ ವ್ಯಾಪ್ತಿಯ 66/11 ಕೆ.ವಿ ಜಯಪುರ ವಿದ್ಯುತ್ ವಿತರಣಾ ಕೇಂದ್ರದಲ್ಲಿ ತ್ರೈಮಾಸಿಕ ನಿರ್ವಹಣಾ ಕಾಮಗಾರಿ ಹಮ್ಮಿಕೊಂಡಿರುವುದರಿಂದ ಮೇ 7ರಂದು ಬೆಳಗ್ಗೆ 10 ಗಂಟೆಯಿಂದ ಸಂಜೆ 5 ಗಂಟೆಯವರೆಗೆ ವಿದ್ಯುತ್ ವ್ಯತ್ಯಯವಾಗಲಿದೆ. ಜಯಪುರ, ಗುಜ್ಜೇಗೌಡನಪುರ, ದಾರಿಪುರ, ಚಿಕ್ಕಹಳ್ಳಿ, ಕೆಂಚಲಗೂಡು, ಮಾದಹಳ್ಳಿ ಸೇರಿದಂತೆ ಸುತ್ತಮುತ್ತಲ ಗ್ರಾಮಗಳಲ್ಲಿ ವಿದ್ಯುತ್ ವ್ಯತ್ಯಯವಾಗಲಿದ್ದು ಸಾರ್ವಜನಿಕರು ಸಹಕರಿಸಬೇಕು ಎಂದು ಸೆಸ್ಕ್ ಪ್ರಕಟಣೆ ತಿಳಿಸಿದೆ.
ಅದೇ ರೀತಿ ಮೈಸೂರು ನಗರದ ಎನ್.ಆರ್.ಮೊಹಲ್ಲಾ, ಶಾಂತಿನಗರ, ರಾಜೀವ್ ನಗರ, ಉದಯಗಿರಿ ಹಾಗೂ ಸುತ್ತಮುತ್ತಲ ಬಡಾವಣೆಗಳಲ್ಲಿಯೂ ವಿದ್ಯುತ್ ವ್ಯತ್ಯಯವಾಗಲಿದೆ. ನಿರ್ವಹಣಾ ಕಾರ್ಯ ಮುಗಿದ ಬಳಿಕ ವಿದ್ಯುತ್ ಸರಬರಾಜು ಪುನರಾರಂಭಗೊಳ್ಳಲಿದೆ ಎಂದು ಅಧಿಕಾರಿಗಳು ತಿಳಿಸಿದ್ದಾರೆ.
